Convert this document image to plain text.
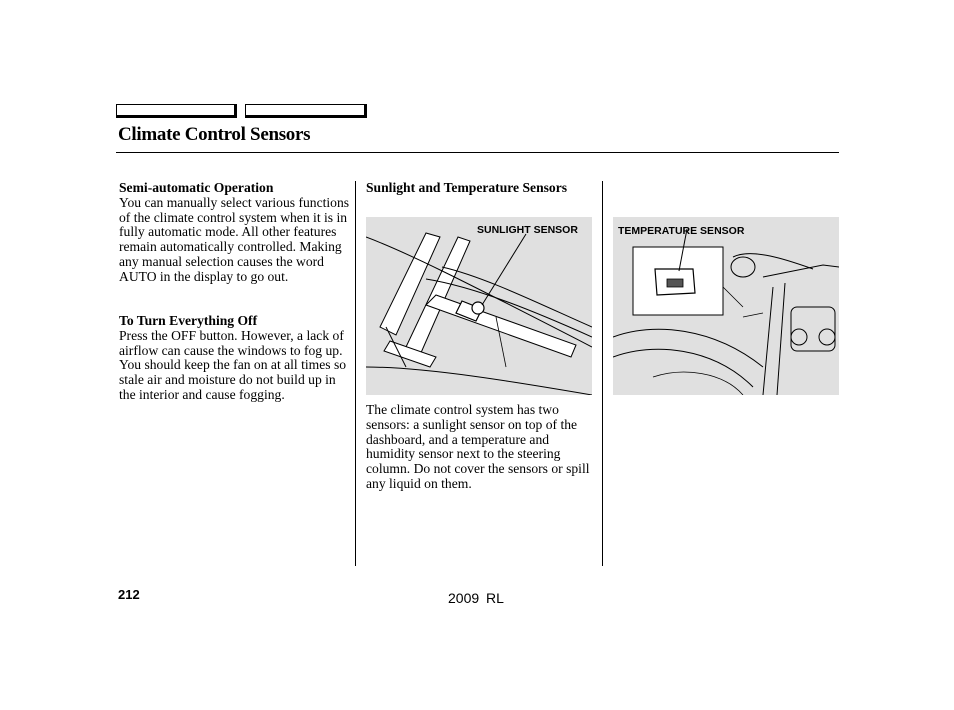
Climate Control Sensors
Semi-automatic Operation
You can manually select various functions of the climate control system when it is in fully automatic mode. All other features remain automatically controlled. Making any manual selection causes the word AUTO in the display to go out.
To Turn Everything Off
Press the OFF button. However, a lack of airflow can cause the windows to fog up. You should keep the fan on at all times so stale air and moisture do not build up in the interior and cause fogging.
Sunlight and Temperature Sensors
SUNLIGHT SENSOR	TEMPERATURE SENSOR
The climate control system has two sensors: a sunlight sensor on top of the dashboard, and a temperature and humidity sensor next to the steering column. Do not cover the sensors or spill any liquid on them.
212	2009 RL
